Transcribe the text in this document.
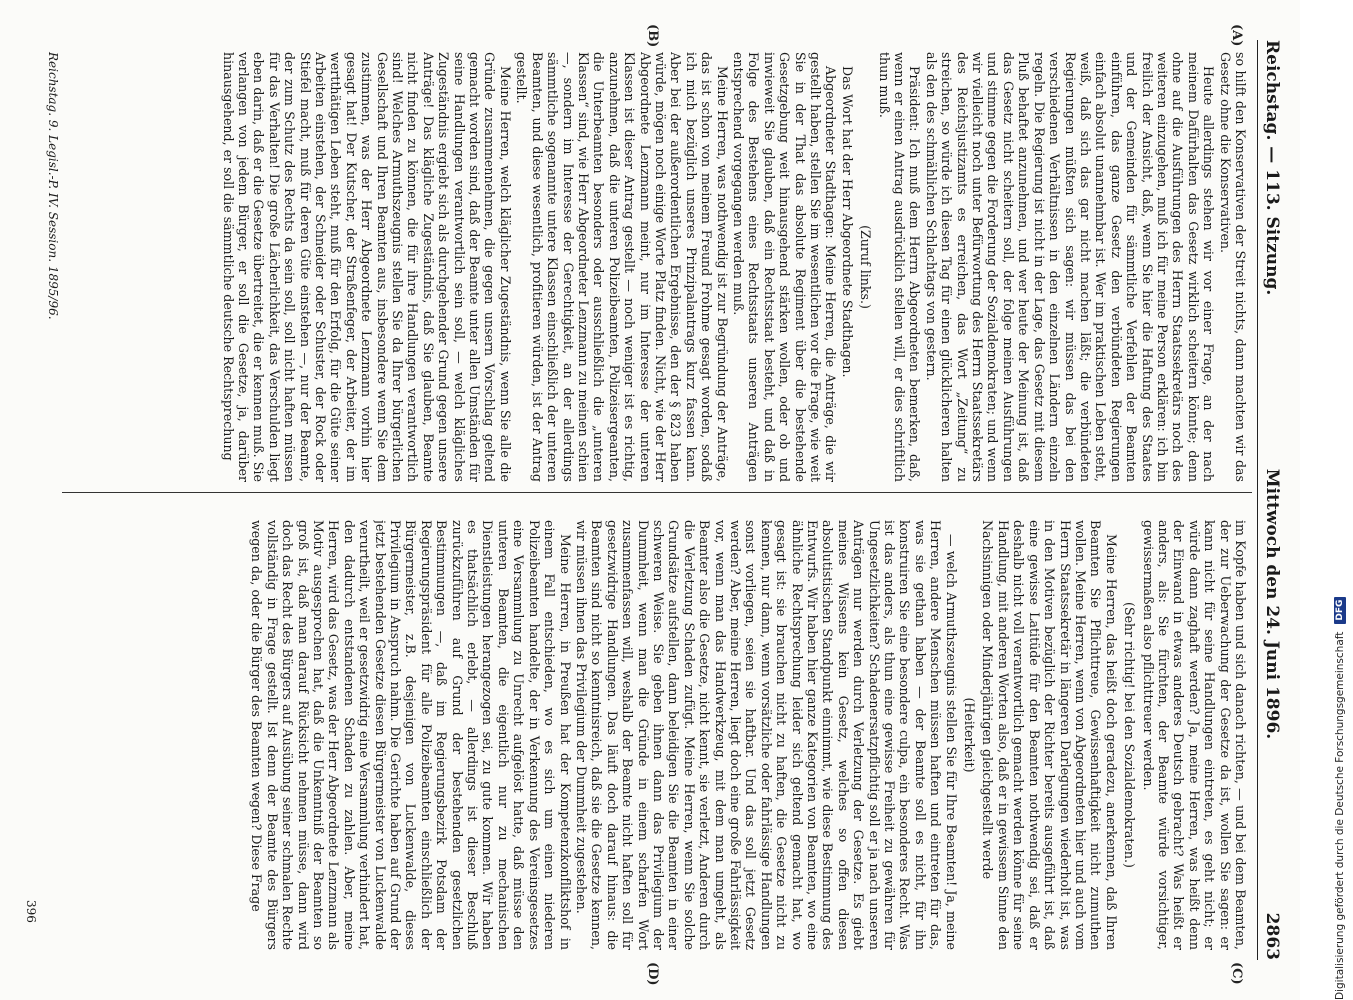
Reichstag. — 113. Sitzung.
Mittwoch den 24. Juni 1896.
2863
(A)
(B)
(C)
(D)

so hilft den Konservativen der Streit nichts, dann machten wir das Gesetz ohne die Konservativen.

Heute allerdings stehen wir vor einer Frage, an der nach meinem Dafürhalten das Gesetz wirklich scheitern könnte; denn ohne auf die Ausführungen des Herrn Staatssekretärs noch des weiteren einzugehen, muß ich für meine Person erklären: ich bin freilich der Ansicht, daß, wenn Sie hier die Haftung des Staates und der Gemeinden für sämmtliche Verfehlen der Beamten einführen, das ganze Gesetz den verbündeten Regierungen einfach absolut unannehmbar ist. Wer im praktischen Leben steht, weiß, daß sich das gar nicht machen läßt; die verbündeten Regierungen müßten sich sagen: wir müssen das bei den verschiedenen Verhältnissen in den einzelnen Ländern einzeln regeln. Die Regierung ist nicht in der Lage, das Gesetz mit diesem Pluß behaftet anzunehmen, und wer heute der Meinung ist, daß das Gesetz nicht scheitern soll, der folge meinen Ausführungen und stimme gegen die Forderung der Sozialdemokraten; und wenn wir vielleicht noch unter Befürwortung des Herrn Staatssekretärs des Reichsjustizamts es erreichen, das Wort „Zeitung“ zu streichen, so würde ich diesen Tag für einen glücklicheren halten als den des schmählichen Schlachtags von gestern.

Präsident: Ich muß dem Herrn Abgeordneten bemerken, daß, wenn er einen Antrag ausdrücklich stellen will, er dies schriftlich thun muß.

(Zuruf links.)

Das Wort hat der Herr Abgeordnete Stadthagen.

Abgeordneter Stadthagen: Meine Herren, die Anträge, die wir gestellt haben, stellen Sie im wesentlichen vor die Frage, wie weit Sie in der That das absolute Regiment über die bestehende Gesetzgebung weit hinausgehend stärken wollen, oder ob und inwieweit Sie glauben, daß ein Rechtsstaat besteht, und daß in Folge des Bestehens eines Rechtsstaats unseren Anträgen entsprechend vorgegangen werden muß.

Meine Herren, was nothwendig ist zur Begründung der Anträge, das ist schon von meinem Freund Frohme gesagt worden, sodaß ich mich bezüglich unseres Prinzipalantrags kurz fassen kann. Aber bei der außerordentlichen Ergebnisse, den der § 823 haben würde, mögen noch einige Worte Platz finden. Nicht, wie der Herr Abgeordnete Lenzmann meint, nur im Interesse der unteren Klassen ist dieser Antrag gestellt — noch weniger ist es richtig, anzunehmen, daß die unteren Polizeibeamten, Polizeisergeanten, die Unterbeamten besonders oder ausschließlich die „unteren Klassen“ sind, wie Herr Abgeordneter Lenzmann zu meinen schien —, sondern im Interesse der Gerechtigkeit, an der allerdings sämmtliche sogenannte untere Klassen einschließlich der unteren Beamten, und diese wesentlich, profitieren würden, ist der Antrag gestellt.

Meine Herren, welch kläglicher Zugeständnis, wenn Sie alle die Gründe zusammennehmen, die gegen unsern Vorschlag geltend gemacht worden sind, daß der Beamte unter allen Umständen für seine Handlungen verantwortlich sein soll, — welch klägliches Zugeständnis ergiebt sich als durchgehender Grund gegen unsere Anträge! Das klägliche Zugeständnis, daß Sie glauben, Beamte nicht finden zu können, die für ihre Handlungen verantwortlich sind! Welches Armuthszeugnis stellen Sie da Ihrer bürgerlichen Gesellschaft und Ihren Beamten aus, insbesondere wenn Sie dem zustimmen, was der Herr Abgeordnete Lenzmann vorhin hier gesagt hat! Der Kutscher, der Straßenfeger, der Arbeiter, der im wertthätigen Leben steht, muß für den Erfolg, für die Güte seiner Arbeiten einstehen, der Schneider oder Schuster, der Rock oder Stiefel macht, muß für deren Güte einstehen —, nur der Beamte, der zum Schutz des Rechts da sein soll, soll nicht haften müssen für das Verhalten! Die große Lächerlichkeit, das Verschulden liegt eben darin, daß er die Gesetze übertreitet, die er kennen muß. Sie verlangen von jedem Bürger, er soll die Gesetze, ja, darüber hinausgehend, er soll die sämmtliche deutsche Rechtsprechung

im Kopfe haben und sich danach richten, — und bei dem Beamten, der zur Ueberwachung der Gesetze da ist, wollen Sie sagen: er kann nicht für seine Handlungen eintreten, es geht nicht; er würde dann zaghaft werden? Ja, meine Herren, was heißt denn der Einwand in etwas anderes Deutsch gebracht? Was heißt er anders, als: Sie fürchten, der Beamte würde vorsichtiger, gewissermaßen also pflichttreuer werden.

(Sehr richtig! bei den Sozialdemokraten.)

Meine Herren, das heißt doch geradezu, anerkennen, daß Ihren Beamten Sie Pflichttreue, Gewissenhaftigkeit nicht zumuthen wollen. Meine Herren, wenn von Abgeordneten hier und auch vom Herrn Staatssekretär in längeren Darlegungen wiederholt ist, was in den Motiven bezüglich der Richter bereits ausgeführt ist, daß eine gewisse Latitüde für den Beamten nothwendig sei, daß er deshalb nicht voll verantwortlich gemacht werden könne für seine Handlung, mit anderen Worten also, daß er in gewissem Sinne den Nachsinnigen oder Minderjährigen gleichgestellt werde

(Heiterkeit)

— welch Armuthszeugnis stellen Sie für Ihre Beamten! Ja, meine Herren, andere Menschen müssen haften und eintreten für das, was sie gethan haben — der Beamte soll es nicht, für ihn konstruiren Sie eine besondere culpa, ein besonderes Recht. Was ist das anders, als thun eine gewisse Freiheit zu gewähren für Ungesetzlichkeiten? Schadenersatzpflichtig soll er ja nach unseren Anträgen nur werden durch Verletzung der Gesetze. Es giebt meines Wissens kein Gesetz, welches so offen diesen absolutistischen Standpunkt einnimmt, wie diese Bestimmung des Entwurfs. Wir haben hier ganze Kategorien von Beamten, wo eine ähnliche Rechtsprechung leider sich geltend gemacht hat, wo gesagt ist: sie brauchen nicht zu haften, die Gesetze nicht zu kennen, nur dann, wenn vorsätzliche oder fahrlässige Handlungen sonst vorliegen, seien sie haftbar. Und das soll jetzt Gesetz werden? Aber, meine Herren, liegt doch eine große Fahrlässigkeit vor, wenn man das Handwerkzeug, mit dem man umgeht, als Beamter also die Gesetze, nicht kennt, sie verletzt, Anderen durch die Verletzung Schaden zufügt. Meine Herren, wenn Sie solche Grundsätze aufstellen, dann beleidigen Sie die Beamten in einer schweren Weise. Sie geben ihnen dann das Privilegium der Dummheit, wenn man die Gründe in einem scharfen Wort zusammenfassen will, weshalb der Beamte nicht haften soll für gesetzwidrige Handlungen. Das läuft doch darauf hinaus: die Beamten sind nicht so kenntnisreich, daß sie die Gesetze kennen, wir müssen ihnen das Privilegium der Dummheit zugestehen.

Meine Herren, in Preußen hat der Kompetenzkonfliktshof in einem Fall entschieden, wo es sich um einen niederen Polizeibeamten handelte, der in Verkennung des Vereinsgesetzes eine Versammlung zu Unrecht aufgelöst hatte, daß müsse den unteren Beamten, die eigentlich nur zu mechanischen Dienstleistungen herangezogen sei, zu gute kommen. Wir haben es thatsächlich erlebt, — allerdings ist dieser Beschluß zurückzuführen auf Grund der bestehenden gesetzlichen Bestimmungen —, daß im Regierungsbezirk Potsdam der Regierungspräsident für alle Polizeibeamten einschließlich der Bürgermeister, z.B. desjenigen von Luckenwalde, dieses Privilegium in Anspruch nahm. Die Gerichte haben auf Grund der jetzt bestehenden Gesetze diesen Bürgermeister von Luckenwalde verurtheilt, weil er gesetzwidrig eine Versammlung verhindert hat, den dadurch entstandenen Schaden zu zahlen. Aber, meine Herren, wird das Gesetz, was der Herr Abgeordnete Lenzmann als Motiv ausgesprochen hat, daß die Unkenntniß der Beamten so groß ist, daß man darauf Rücksicht nehmen müsse, dann wird doch das Recht des Bürgers auf Ausübung seiner schmalen Rechte vollständig in Frage gestellt. Ist denn der Beamte des Bürgers wegen da, oder die Bürger des Beamten wegen? Diese Frage

Reichstag. 9. Legisl.-P. IV. Session. 1895/96.
396	Digitalisierung gefördert durch die Deutsche Forschungsgemeinschaft
DFG
